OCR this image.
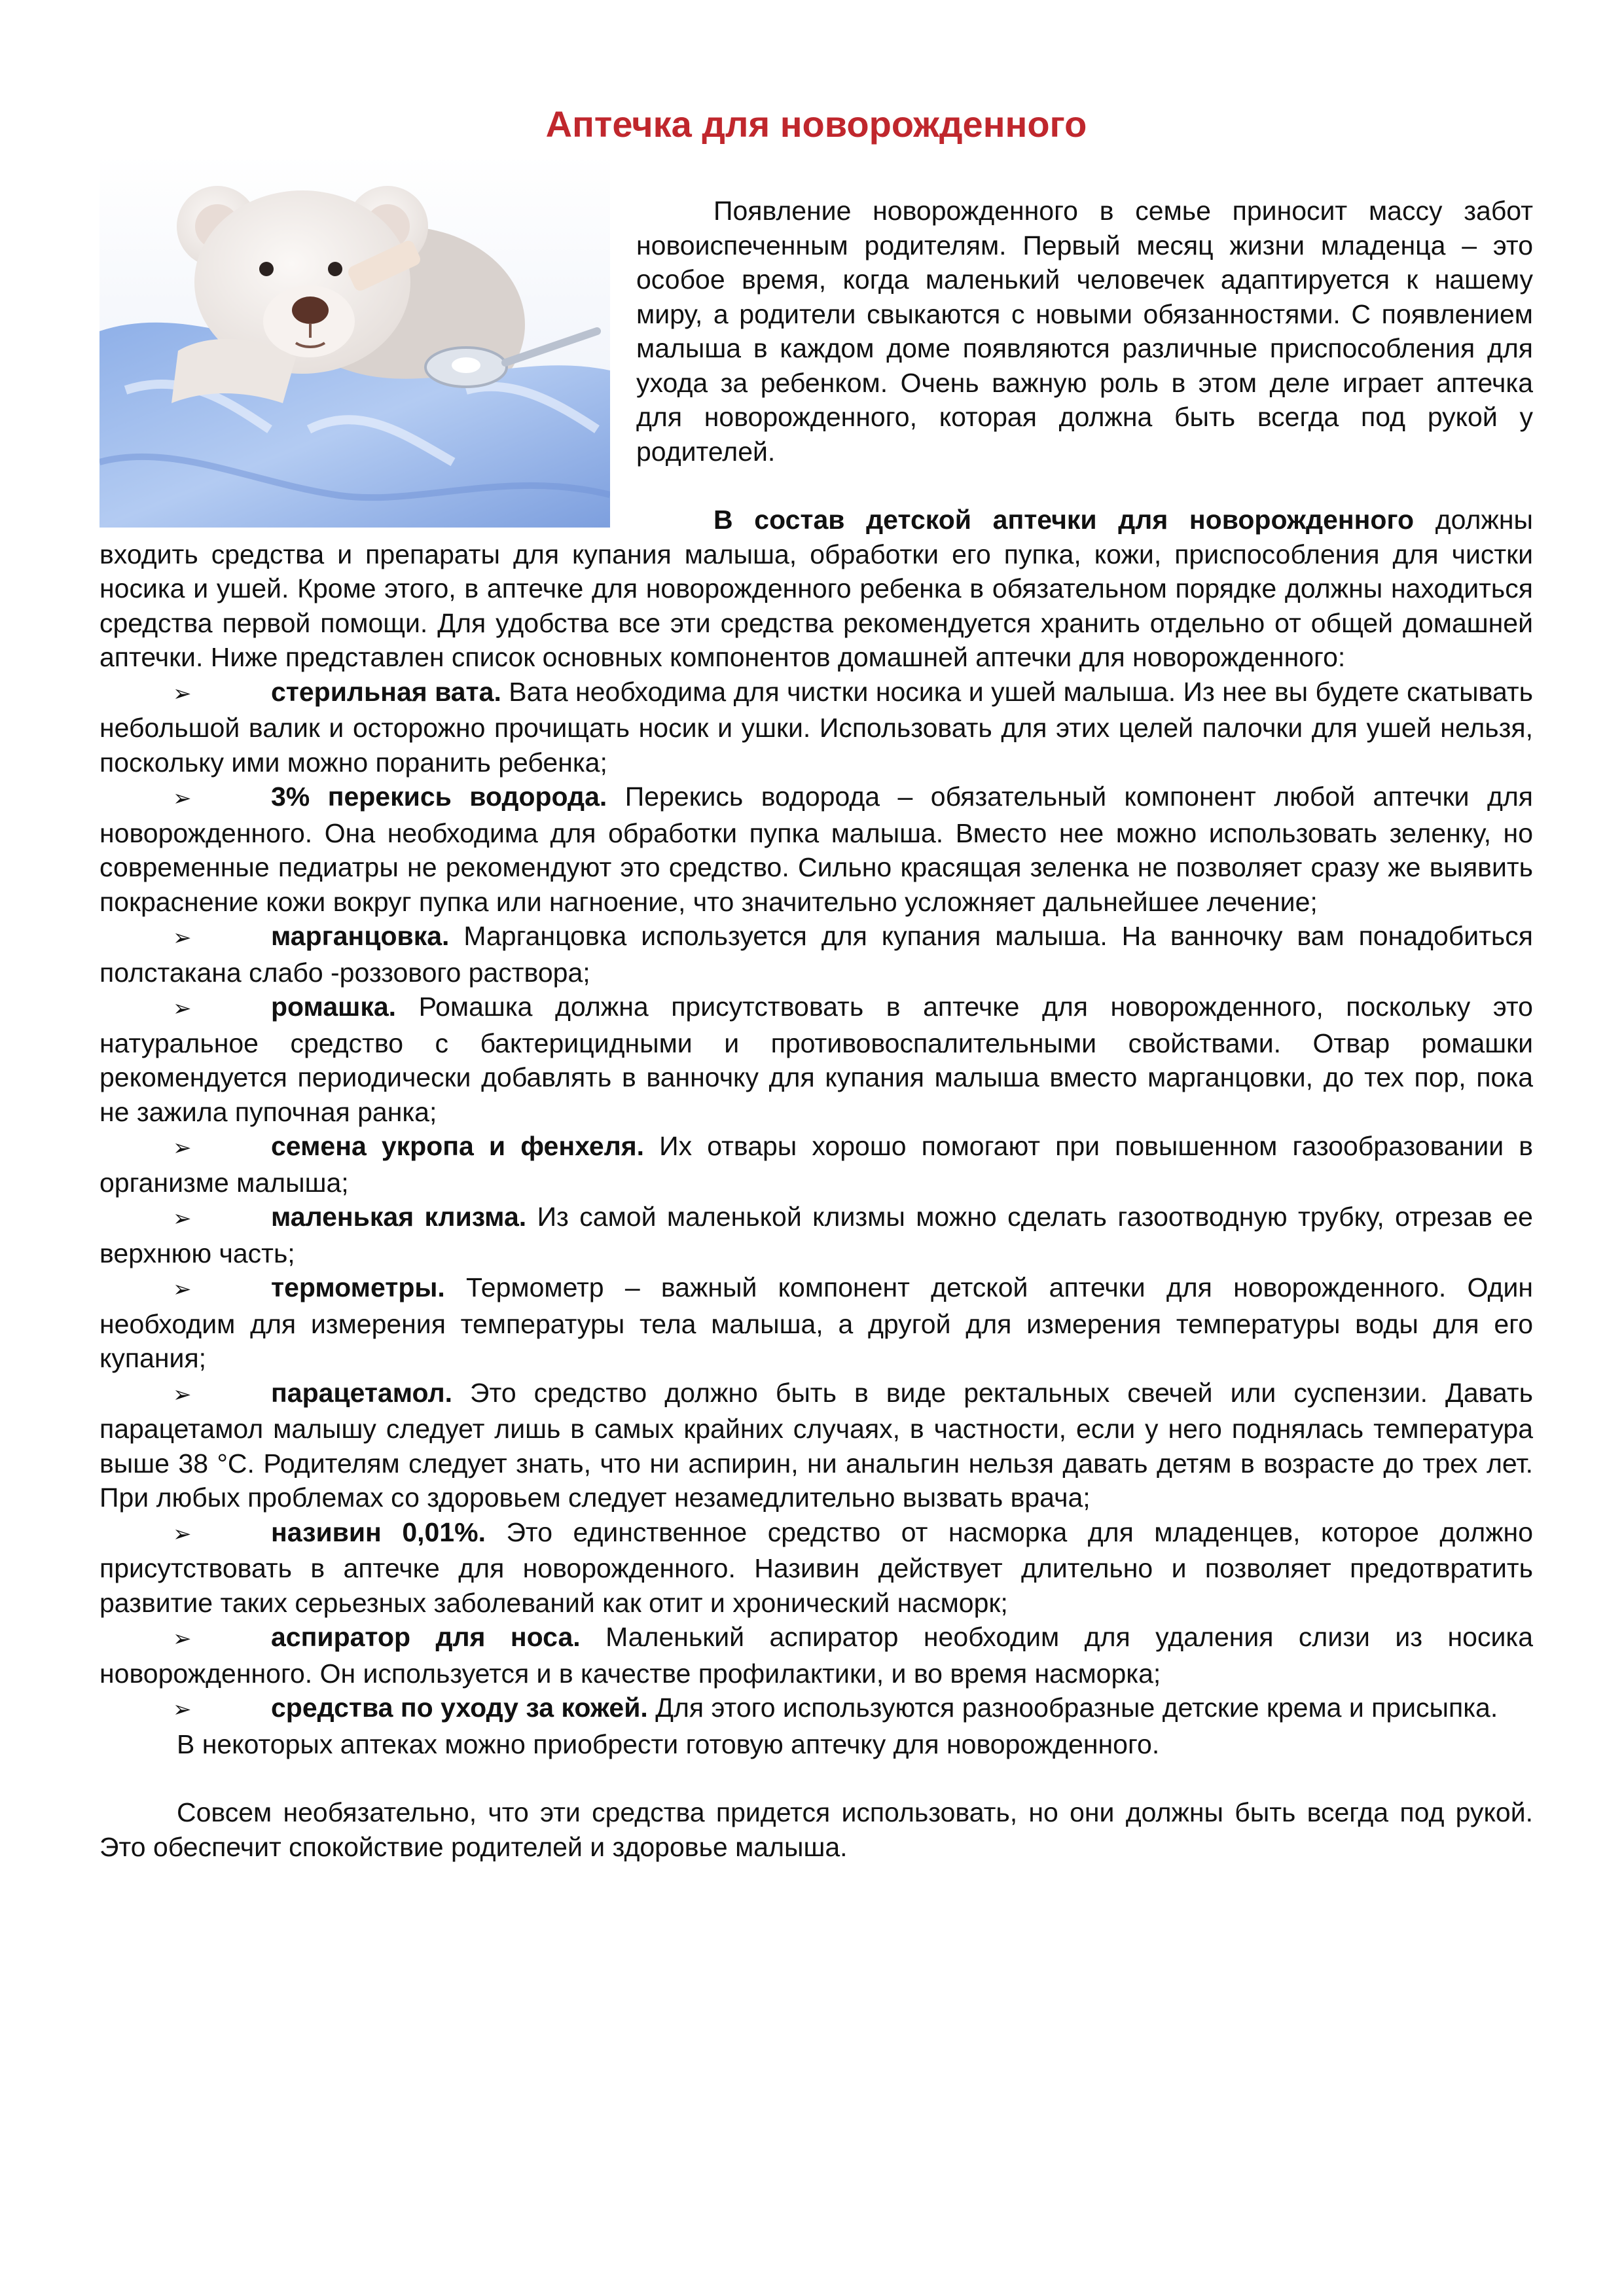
Аптечка для новорожденного

Появление новорожденного в семье приносит массу забот новоиспеченным родителям. Первый месяц жизни младенца – это особое время, когда маленький человечек адаптируется к нашему миру, а родители свыкаются с новыми обязанностями. С появлением малыша в каждом доме появляются различные приспособления для ухода за ребенком. Очень важную роль в этом деле играет аптечка для новорожденного, которая должна быть всегда под рукой у родителей.

В состав детской аптечки для новорожденного должны входить средства и препараты для купания малыша, обработки его пупка, кожи, приспособления для чистки носика и ушей. Кроме этого, в аптечке для новорожденного ребенка в обязательном порядке должны находиться средства первой помощи. Для удобства все эти средства рекомендуется хранить отдельно от общей домашней аптечки. Ниже представлен список основных компонентов домашней аптечки для новорожденного:

➢	стерильная вата. Вата необходима для чистки носика и ушей малыша. Из нее вы будете скатывать небольшой валик и осторожно прочищать носик и ушки. Использовать для этих целей палочки для ушей нельзя, поскольку ими можно поранить ребенка;
➢	3% перекись водорода. Перекись водорода – обязательный компонент любой аптечки для новорожденного. Она необходима для обработки пупка малыша. Вместо нее можно использовать зеленку, но современные педиатры не рекомендуют это средство. Сильно красящая зеленка не позволяет сразу же выявить покраснение кожи вокруг пупка или нагноение, что значительно усложняет дальнейшее лечение;
➢	марганцовка. Марганцовка используется для купания малыша. На ванночку вам понадобиться полстакана слабо -роззового раствора;
➢	ромашка. Ромашка должна присутствовать в аптечке для новорожденного, поскольку это натуральное средство с бактерицидными и противовоспалительными свойствами. Отвар ромашки рекомендуется периодически добавлять в ванночку для купания малыша вместо марганцовки, до тех пор, пока не зажила пупочная ранка;
➢	семена укропа и фенхеля. Их отвары хорошо помогают при повышенном газообразовании в организме малыша;
➢	маленькая клизма. Из самой маленькой клизмы можно сделать газоотводную трубку, отрезав ее верхнюю часть;
➢	термометры. Термометр – важный компонент детской аптечки для новорожденного. Один необходим для измерения температуры тела малыша, а другой для измерения температуры воды для его купания;
➢	парацетамол. Это средство должно быть в виде ректальных свечей или суспензии. Давать парацетамол малышу следует лишь в самых крайних случаях, в частности, если у него поднялась температура выше 38 °С. Родителям следует знать, что ни аспирин, ни анальгин нельзя давать детям в возрасте до трех лет. При любых проблемах со здоровьем следует незамедлительно вызвать врача;
➢	називин 0,01%. Это единственное средство от насморка для младенцев, которое должно присутствовать в аптечке для новорожденного. Називин действует длительно и позволяет предотвратить развитие таких серьезных заболеваний как отит и хронический насморк;
➢	аспиратор для носа. Маленький аспиратор необходим для удаления слизи из носика новорожденного. Он используется и в качестве профилактики, и во время насморка;
➢	средства по уходу за кожей. Для этого используются разнообразные детские крема и присыпка.

В некоторых аптеках можно приобрести готовую аптечку для новорожденного.

Совсем необязательно, что эти средства придется использовать, но они должны быть всегда под рукой. Это обеспечит спокойствие родителей и здоровье малыша.
